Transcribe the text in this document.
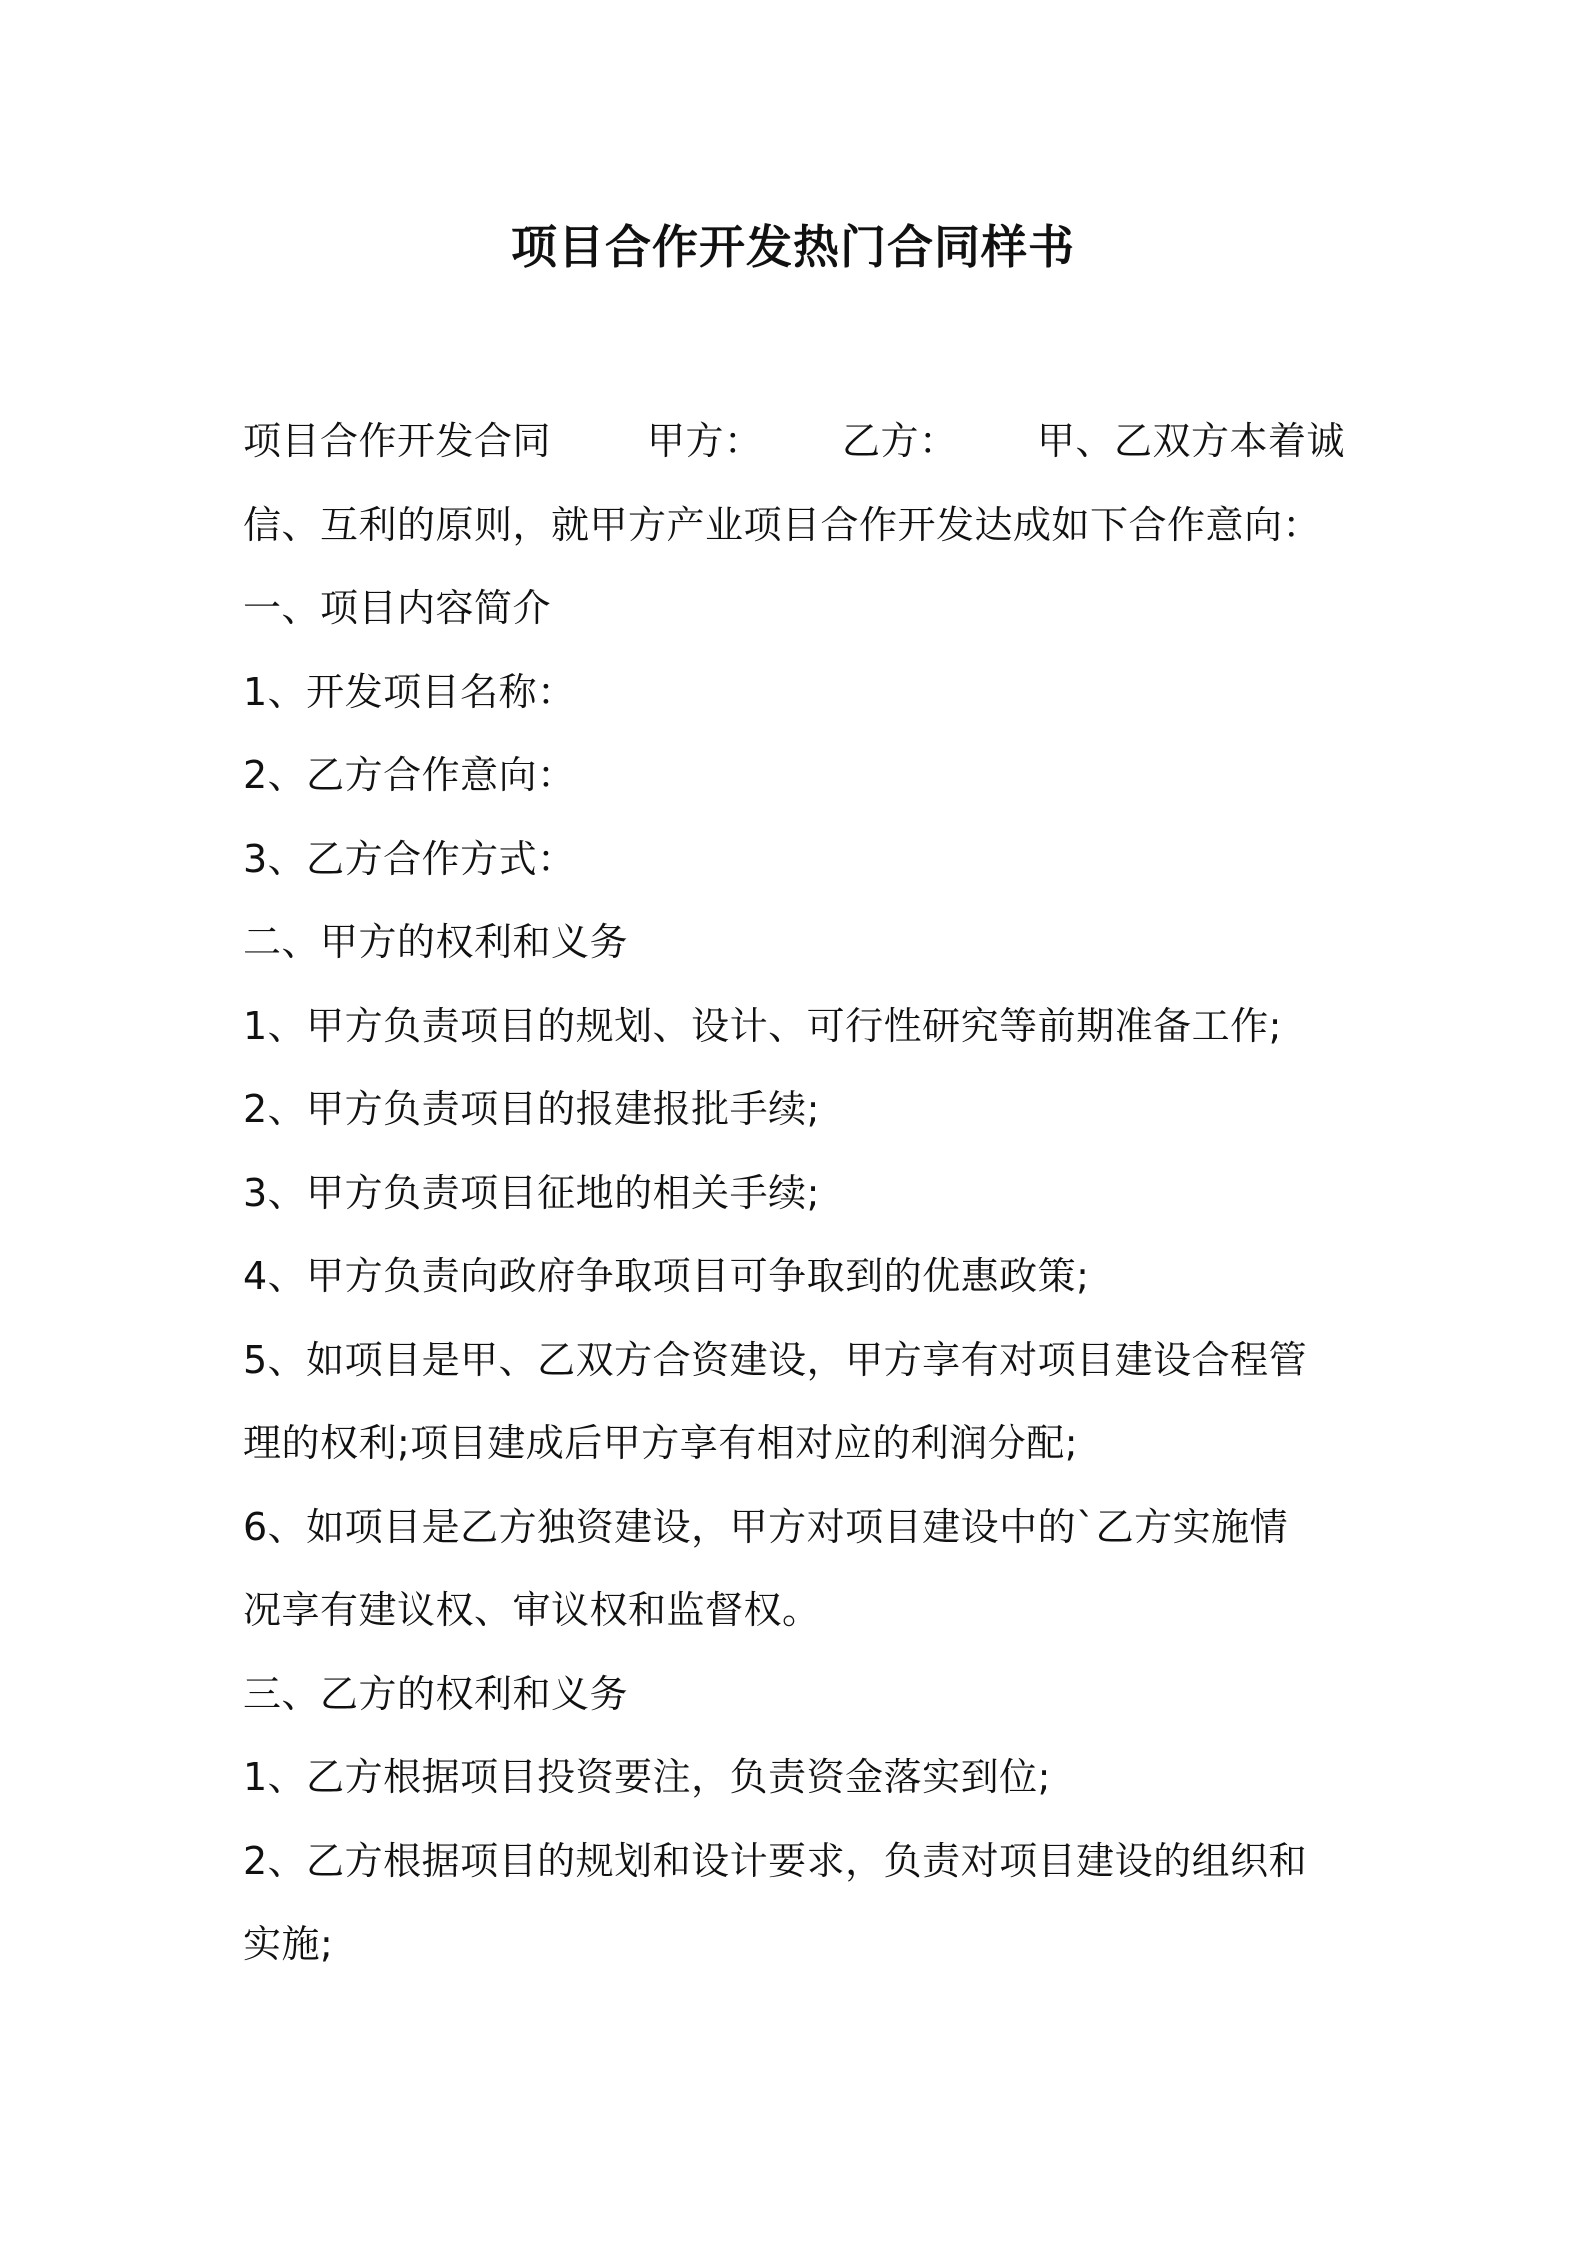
项目合作开发热门合同样书
项目合作开发合同	甲方：	乙方：	甲、乙双方本着诚
信、互利的原则，就甲方产业项目合作开发达成如下合作意向：
一、项目内容简介
1、开发项目名称：
2、乙方合作意向：
3、乙方合作方式：
二、甲方的权利和义务
1、甲方负责项目的规划、设计、可行性研究等前期准备工作;
2、甲方负责项目的报建报批手续;
3、甲方负责项目征地的相关手续;
4、甲方负责向政府争取项目可争取到的优惠政策;
5、如项目是甲、乙双方合资建设，甲方享有对项目建设合程管
理的权利;项目建成后甲方享有相对应的利润分配;
6、如项目是乙方独资建设，甲方对项目建设中的`乙方实施情
况享有建议权、审议权和监督权。
三、乙方的权利和义务
1、乙方根据项目投资要注，负责资金落实到位;
2、乙方根据项目的规划和设计要求，负责对项目建设的组织和
实施;
